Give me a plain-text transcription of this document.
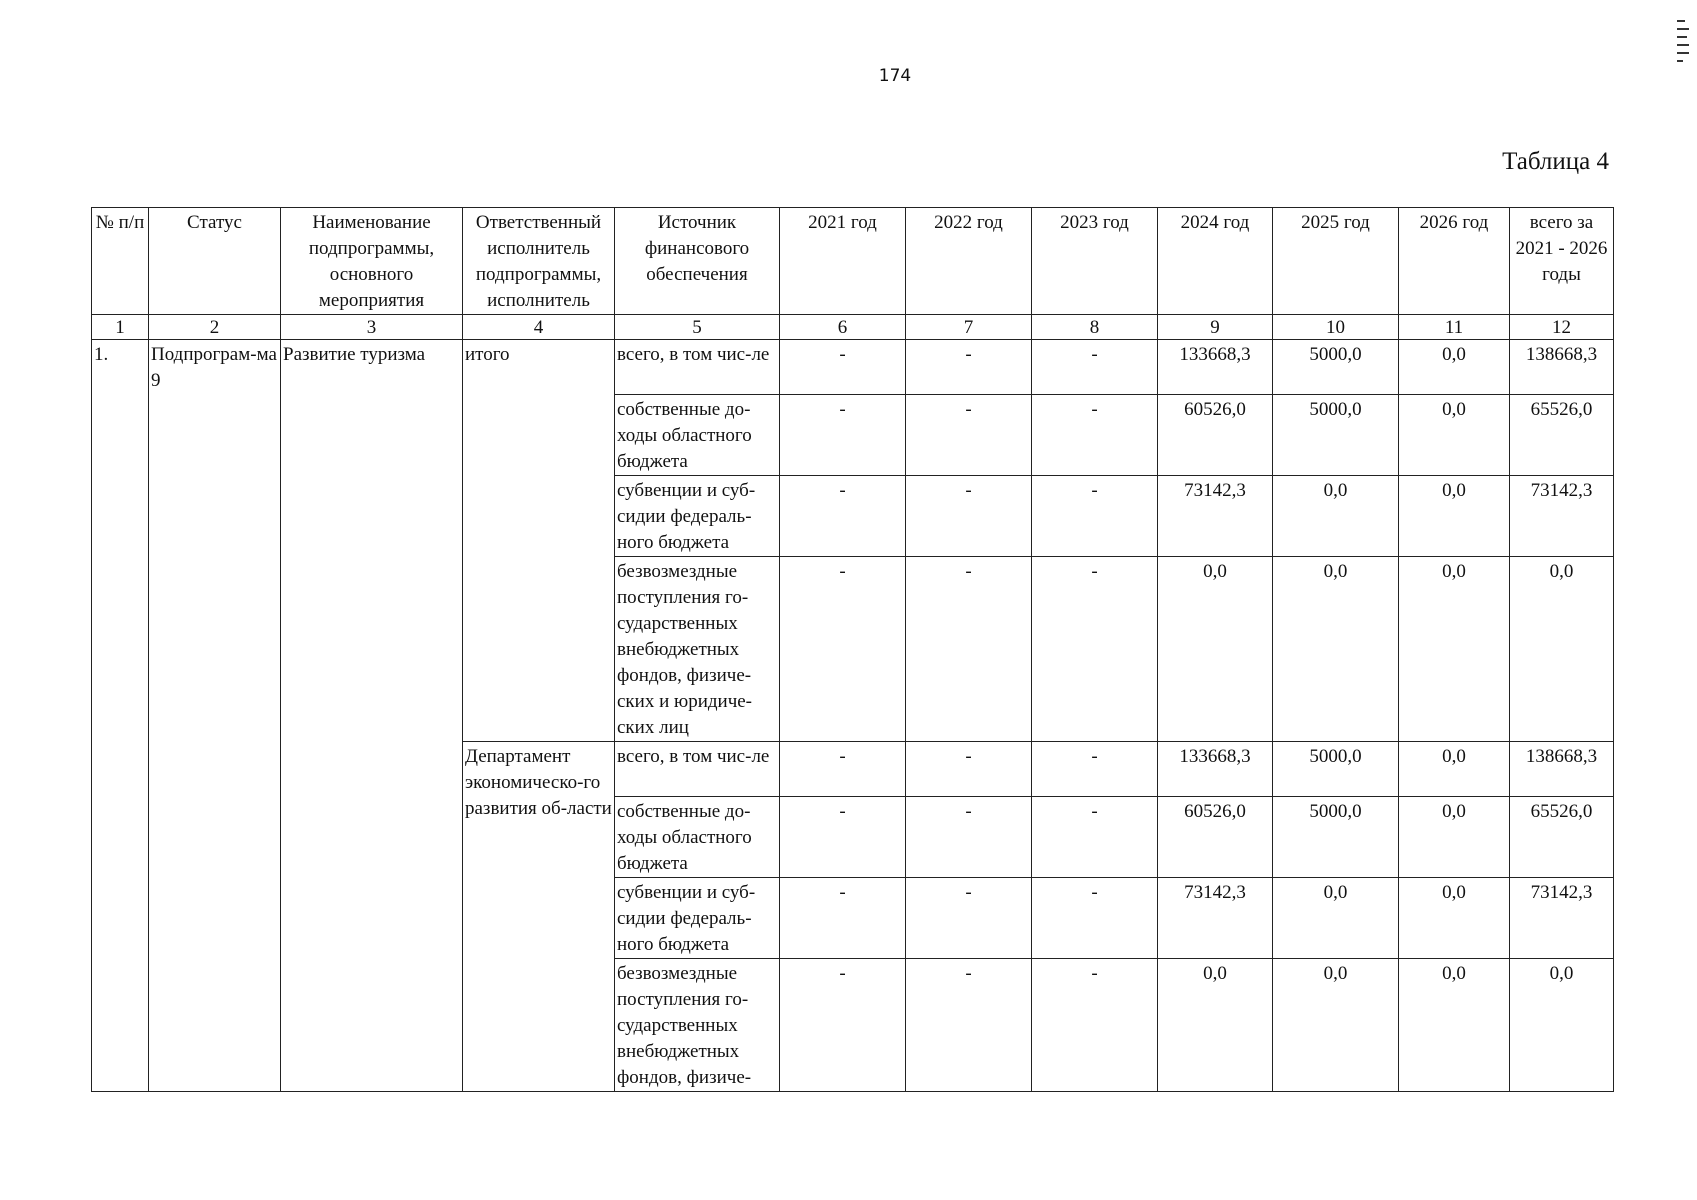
174
Таблица 4
№ п/п	Статус	Наименование подпрограммы, основного мероприятия	Ответственный исполнитель подпрограммы, исполнитель	Источник финансового обеспечения	2021 год	2022 год	2023 год	2024 год	2025 год	2026 год	всего за 2021 - 2026 годы
1	2	3	4	5	6	7	8	9	10	11	12
1.	Подпрограм-ма 9	Развитие туризма	итого	всего, в том чис-ле	-	-	-	133668,3	5000,0	0,0	138668,3
				собственные до-ходы областного бюджета	-	-	-	60526,0	5000,0	0,0	65526,0
				субвенции и суб-сидии федераль-ного бюджета	-	-	-	73142,3	0,0	0,0	73142,3
				безвозмездные поступления го-сударственных внебюджетных фондов, физиче-ских и юридиче-ских лиц	-	-	-	0,0	0,0	0,0	0,0
			Департамент экономическо-го развития об-ласти	всего, в том чис-ле	-	-	-	133668,3	5000,0	0,0	138668,3
				собственные до-ходы областного бюджета	-	-	-	60526,0	5000,0	0,0	65526,0
				субвенции и суб-сидии федераль-ного бюджета	-	-	-	73142,3	0,0	0,0	73142,3
				безвозмездные поступления го-сударственных внебюджетных фондов, физиче-	-	-	-	0,0	0,0	0,0	0,0
